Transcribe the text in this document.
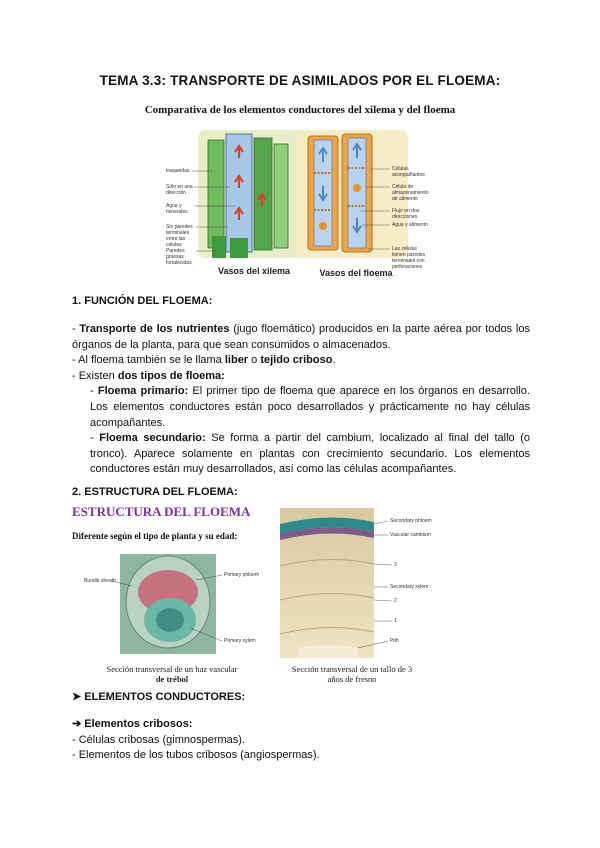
TEMA 3.3: TRANSPORTE DE ASIMILADOS POR EL FLOEMA:
Comparativa de los elementos conductores del xilema y del floema
traqueidas
Sólo en una dirección
Agua y minerales
Sin paredes terminales entre las células
Paredes gruesas fortalecidas
Células acompañantes
Célula de almacenamiento de alimento
Flujo en dos direcciones
Agua y alimento
Las células tienen paredes terminales con perforaciones
Vasos del xilema	Vasos del floema
1. FUNCIÓN DEL FLOEMA:

- Transporte de los nutrientes (jugo floemático) producidos en la parte aérea por todos los órganos de la planta, para que sean consumidos o almacenados.

- Al floema también se le llama liber o tejido criboso.

- Existen dos tipos de floema:

- Floema primario: El primer tipo de floema que aparece en los órganos en desarrollo. Los elementos conductores están poco desarrollados y prácticamente no hay células acompañantes.

- Floema secundario: Se forma a partir del cambium, localizado al final del tallo (o tronco). Aparece solamente en plantas con crecimiento secundario. Los elementos conductores están muy desarrollados, así como las células acompañantes.

2. ESTRUCTURA DEL FLOEMA:
ESTRUCTURA DEL FLOEMA
Diferente según el tipo de planta y su edad:
Primary phloem
Bundle sheath
Primary xylem
Sección transversal de un haz vascular
de trébol
Secondary phloem
Vascular cambium
3
Secondary xylem
2
1
Pith
Sección transversal de un tallo de 3
años de fresno
➤ ELEMENTOS CONDUCTORES:

➔ Elementos cribosos:

- Células cribosas (gimnospermas).

- Elementos de los tubos cribosos (angiospermas).
